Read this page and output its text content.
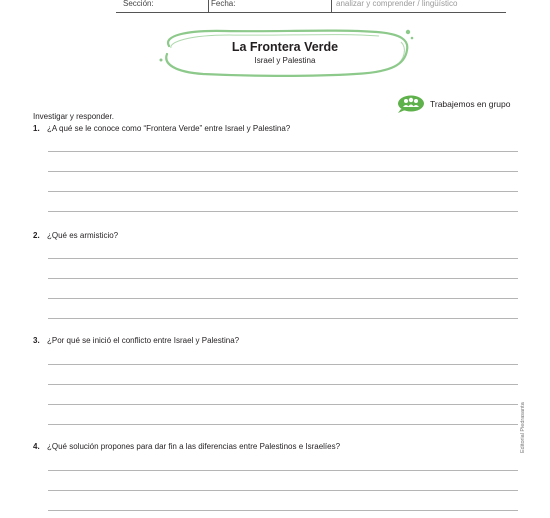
Sección:	Fecha:	analizar y comprender / lingüístico
La Frontera Verde
Israel y Palestina
Trabajemos en grupo
Investigar y responder.
1. ¿A qué se le conoce como “Frontera Verde” entre Israel y Palestina?
2. ¿Qué es armisticio?
3. ¿Por qué se inició el conflicto entre Israel y Palestina?
4. ¿Qué solución propones para dar fin a las diferencias entre Palestinos e Israelíes?	Editorial Piedrasanta
